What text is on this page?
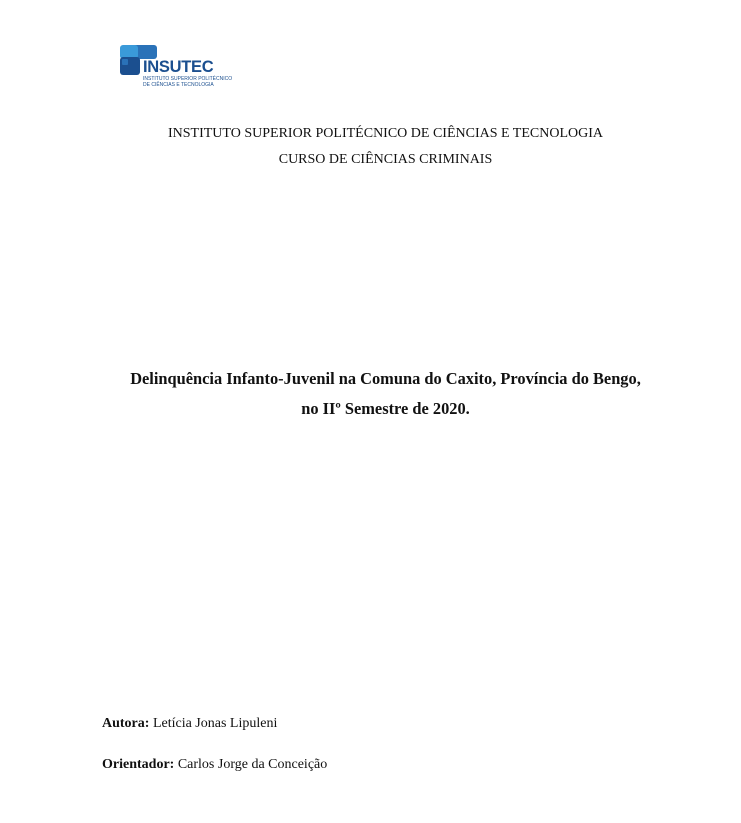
INSUTEC
INSTITUTO SUPERIOR POLITÉCNICO
DE CIÊNCIAS E TECNOLOGIA
INSTITUTO SUPERIOR POLITÉCNICO DE CIÊNCIAS E TECNOLOGIA
CURSO DE CIÊNCIAS CRIMINAIS
Delinquência Infanto-Juvenil na Comuna do Caxito, Província do Bengo,
no IIº Semestre de 2020.
Autora: Letícia Jonas Lipuleni
Orientador: Carlos Jorge da Conceição
